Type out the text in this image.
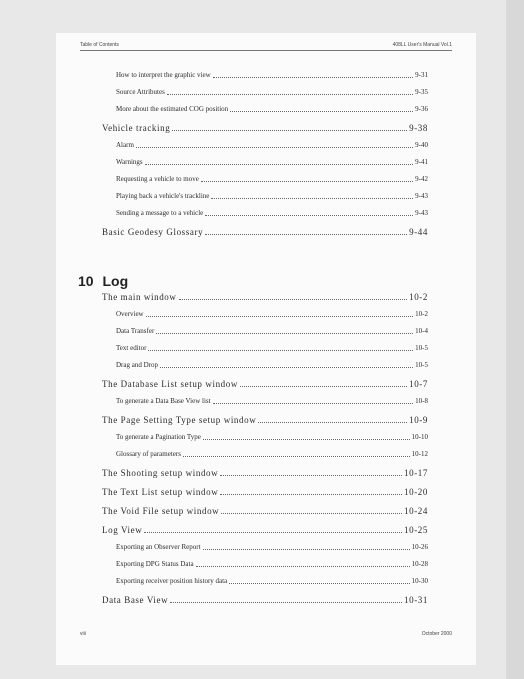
Table of Contents	408LL User's Manual Vol.1
How to interpret the graphic view	9-31
Source Attributes	9-35
More about the estimated COG position	9-36
Vehicle tracking	9-38
Alarm	9-40
Warnings	9-41
Requesting a vehicle to move	9-42
Playing back a vehicle's trackline	9-43
Sending a message to a vehicle	9-43
Basic Geodesy Glossary	9-44
10 Log
The main window	10-2
Overview	10-2
Data Transfer	10-4
Text editor	10-5
Drag and Drop	10-5
The Database List setup window	10-7
To generate a Data Base View list	10-8
The Page Setting Type setup window	10-9
To generate a Pagination Type	10-10
Glossary of parameters	10-12
The Shooting setup window	10-17
The Text List setup window	10-20
The Void File setup window	10-24
Log View	10-25
Exporting an Observer Report	10-26
Exporting DPG Status Data	10-28
Exporting receiver position history data	10-30
Data Base View	10-31
viii	October 2000
